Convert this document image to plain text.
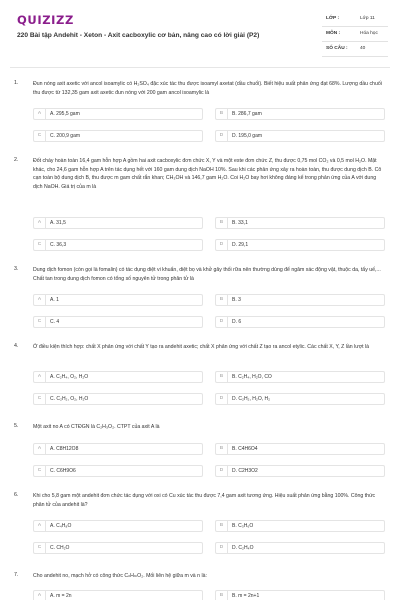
QUIZIZZ
220 Bài tập Andehit - Xeton - Axit cacboxylic cơ bản, nâng cao có lời giải (P2)
LỚP :	Lớp 11
MÔN :	Hóa học
SỐ CÂU :	40
1.	Đun nóng axit axetic với ancol isoamylic có H₂SO₄ đặc xúc tác thu được isoamyl axetat (dầu chuối). Biết hiệu suất phản ứng đạt 68%. Lượng dầu chuối thu được từ 132,35 gam axit axetic đun nóng với 200 gam ancol isoamylic là
A	A. 295,5 gam	B	B. 286,7 gam
C	C. 200,9 gam	D	D. 195,0 gam
2.	Đốt cháy hoàn toàn 16,4 gam hỗn hợp A gồm hai axit cacboxylic đơn chức X, Y và một este đơn chức Z, thu được 0,75 mol CO₂ và 0,5 mol H₂O. Mặt khác, cho 24,6 gam hỗn hợp A trên tác dụng hết với 160 gam dung dịch NaOH 10%. Sau khi các phản ứng xảy ra hoàn toàn, thu được dung dịch B. Cô cạn toàn bộ dung dịch B, thu được m gam chất rắn khan; CH₃OH và 146,7 gam H₂O. Coi H₂O bay hơi không đáng kể trong phản ứng của A với dung dịch NaOH. Giá trị của m là
A	A. 31,5	B	B. 33,1
C	C. 36,3	D	D. 29,1
3.	Dung dịch fomon (còn gọi là fomalin) có tác dụng diệt vi khuẩn, diệt bọ và khử gây thối rữa nên thường dùng để ngâm xác động vật, thuộc da, tẩy uế,... Chất tan trong dung dịch fomon có tổng số nguyên tử trong phân tử là
A	A. 1	B	B. 3
C	C. 4	D	D. 6
4.	Ở điều kiện thích hợp: chất X phản ứng với chất Y tạo ra andehit axetic; chất X phản ứng với chất Z tạo ra ancol etylic. Các chất X, Y, Z lần lượt là
A	A. C₂H₄, O₂, H₂O	B	B. C₂H₄, H₂O, CO
C	C. C₂H₂, O₂, H₂O	D	D. C₂H₂, H₂O, H₂
5.	Một axit no A có CTĐGN là C₂H₃O₂. CTPT của axit A là
A	A. C8H12O8	B	B. C4H6O4
C	C. C6H9O6	D	D. C2H3O2
6.	Khi cho 5,8 gam một andehit đơn chức tác dụng với oxi có Cu xúc tác thu được 7,4 gam axit tương ứng. Hiệu suất phản ứng bằng 100%. Công thức phân tử của andehit là?
A	A. C₄H₈O	B	B. C₃H₆O
C	C. CH₂O	D	D. C₂H₄O
7.	Cho andehit no, mạch hở có công thức CₙHₘO₂. Mối liên hệ giữa m và n là:
A	A. m = 2n	B	B. m = 2n+1
